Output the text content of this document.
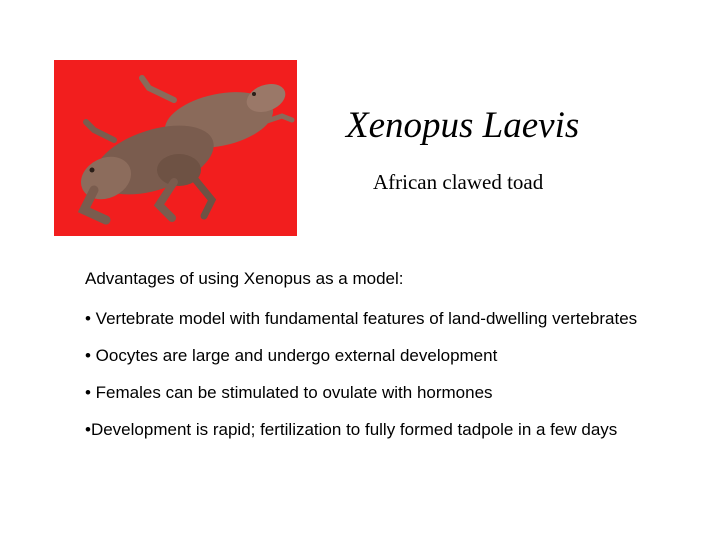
Xenopus Laevis
African clawed toad
Advantages of using Xenopus as a model:
• Vertebrate model with fundamental features of land-dwelling vertebrates
• Oocytes are large and undergo external development
• Females can be stimulated to ovulate with hormones
•Development is rapid; fertilization to fully formed tadpole in a few days
